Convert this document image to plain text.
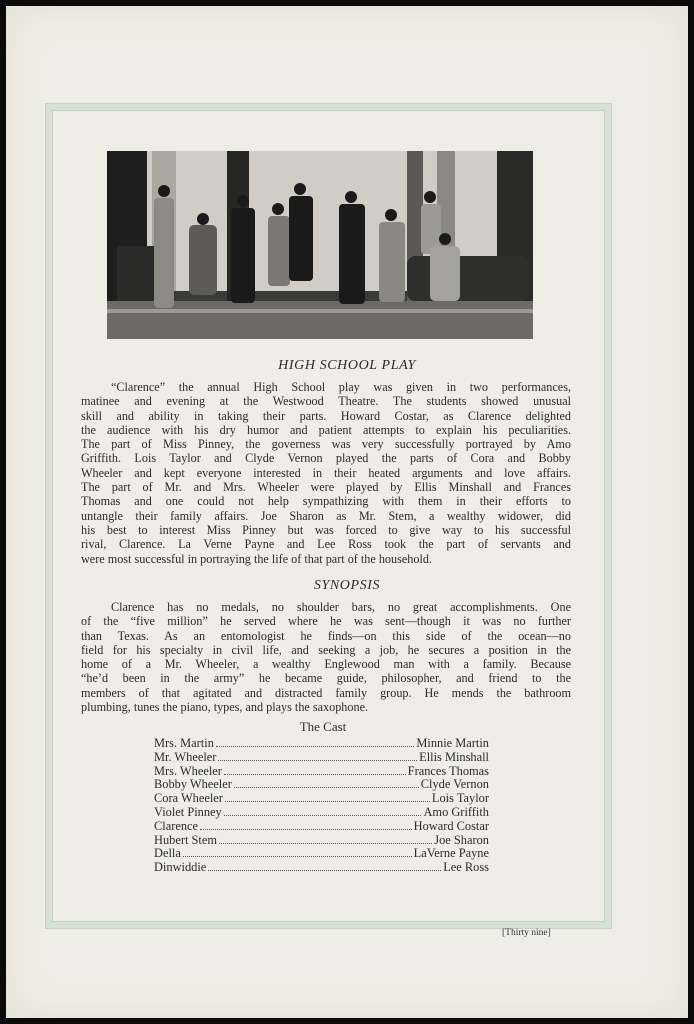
HIGH SCHOOL PLAY
“Clarence” the annual High School play was given in two performances,
matinee and evening at the Westwood Theatre. The students showed unusual
skill and ability in taking their parts. Howard Costar, as Clarence delighted
the audience with his dry humor and patient attempts to explain his peculiarities.
The part of Miss Pinney, the governess was very successfully portrayed by Amo
Griffith. Lois Taylor and Clyde Vernon played the parts of Cora and Bobby
Wheeler and kept everyone interested in their heated arguments and love affairs.
The part of Mr. and Mrs. Wheeler were played by Ellis Minshall and Frances
Thomas and one could not help sympathizing with them in their efforts to
untangle their family affairs. Joe Sharon as Mr. Stem, a wealthy widower, did
his best to interest Miss Pinney but was forced to give way to his successful
rival, Clarence. La Verne Payne and Lee Ross took the part of servants and
were most successful in portraying the life of that part of the household.
SYNOPSIS
Clarence has no medals, no shoulder bars, no great accomplishments. One
of the “five million” he served where he was sent—though it was no further
than Texas. As an entomologist he finds—on this side of the ocean—no
field for his specialty in civil life, and seeking a job, he secures a position in the
home of a Mr. Wheeler, a wealthy Englewood man with a family. Because
“he’d been in the army” he became guide, philosopher, and friend to the
members of that agitated and distracted family group. He mends the bathroom
plumbing, tunes the piano, types, and plays the saxophone.
The Cast
Mrs. Martin	Minnie Martin
Mr. Wheeler	Ellis Minshall
Mrs. Wheeler	Frances Thomas
Bobby Wheeler	Clyde Vernon
Cora Wheeler	Lois Taylor
Violet Pinney	Amo Griffith
Clarence	Howard Costar
Hubert Stem	Joe Sharon
Della	LaVerne Payne
Dinwiddie	Lee Ross
[Thirty nine]
